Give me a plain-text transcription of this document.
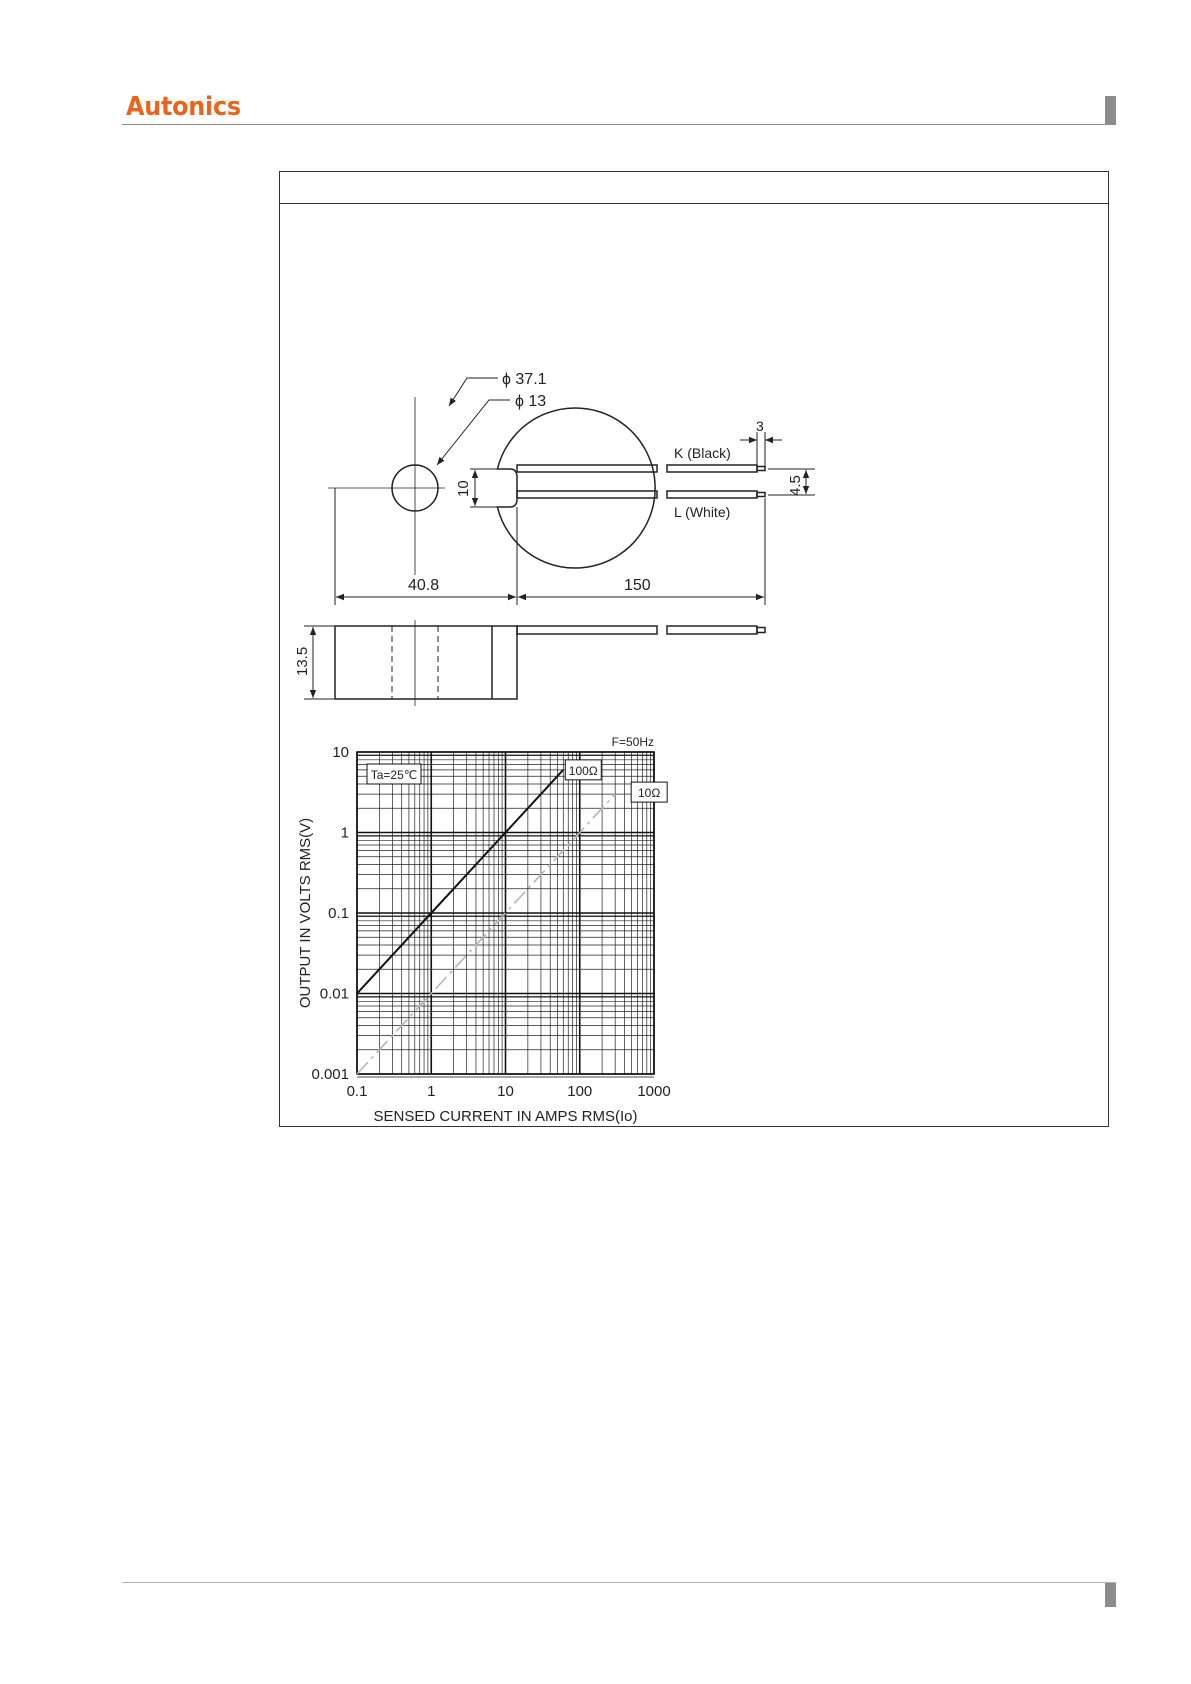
Autonics
ϕ 37.1
ϕ 13
10
3
4.5
K (Black)
L (White)
40.8	150
13.5
0.1	1	10	100	1000
0.001
0.01
0.1
1
10
SENSED CURRENT IN AMPS RMS(Io)
OUTPUT IN VOLTS RMS(V)
100Ω
10Ω
F=50Hz
Ta=25℃
